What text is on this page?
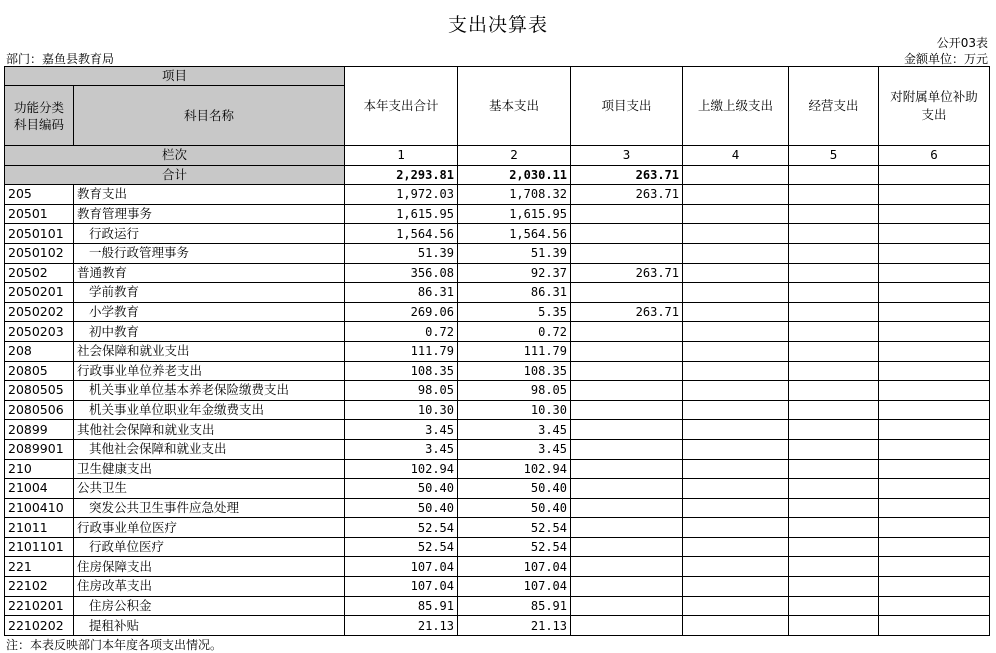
支出决算表
公开03表
部门：嘉鱼县教育局	金额单位：万元
项目		本年支出合计	基本支出	项目支出	上缴上级支出	经营支出	对附属单位补助支出
功能分类科目编码	科目名称						
栏次		1	2	3	4	5	6
合计		2,293.81	2,030.11	263.71			
205	教育支出	1,972.03	1,708.32	263.71			
20501	教育管理事务	1,615.95	1,615.95				
2050101	行政运行	1,564.56	1,564.56				
2050102	一般行政管理事务	51.39	51.39				
20502	普通教育	356.08	92.37	263.71			
2050201	学前教育	86.31	86.31				
2050202	小学教育	269.06	5.35	263.71			
2050203	初中教育	0.72	0.72				
208	社会保障和就业支出	111.79	111.79				
20805	行政事业单位养老支出	108.35	108.35				
2080505	机关事业单位基本养老保险缴费支出	98.05	98.05				
2080506	机关事业单位职业年金缴费支出	10.30	10.30				
20899	其他社会保障和就业支出	3.45	3.45				
2089901	其他社会保障和就业支出	3.45	3.45				
210	卫生健康支出	102.94	102.94				
21004	公共卫生	50.40	50.40				
2100410	突发公共卫生事件应急处理	50.40	50.40				
21011	行政事业单位医疗	52.54	52.54				
2101101	行政单位医疗	52.54	52.54				
221	住房保障支出	107.04	107.04				
22102	住房改革支出	107.04	107.04				
2210201	住房公积金	85.91	85.91				
2210202	提租补贴	21.13	21.13				
注：本表反映部门本年度各项支出情况。
